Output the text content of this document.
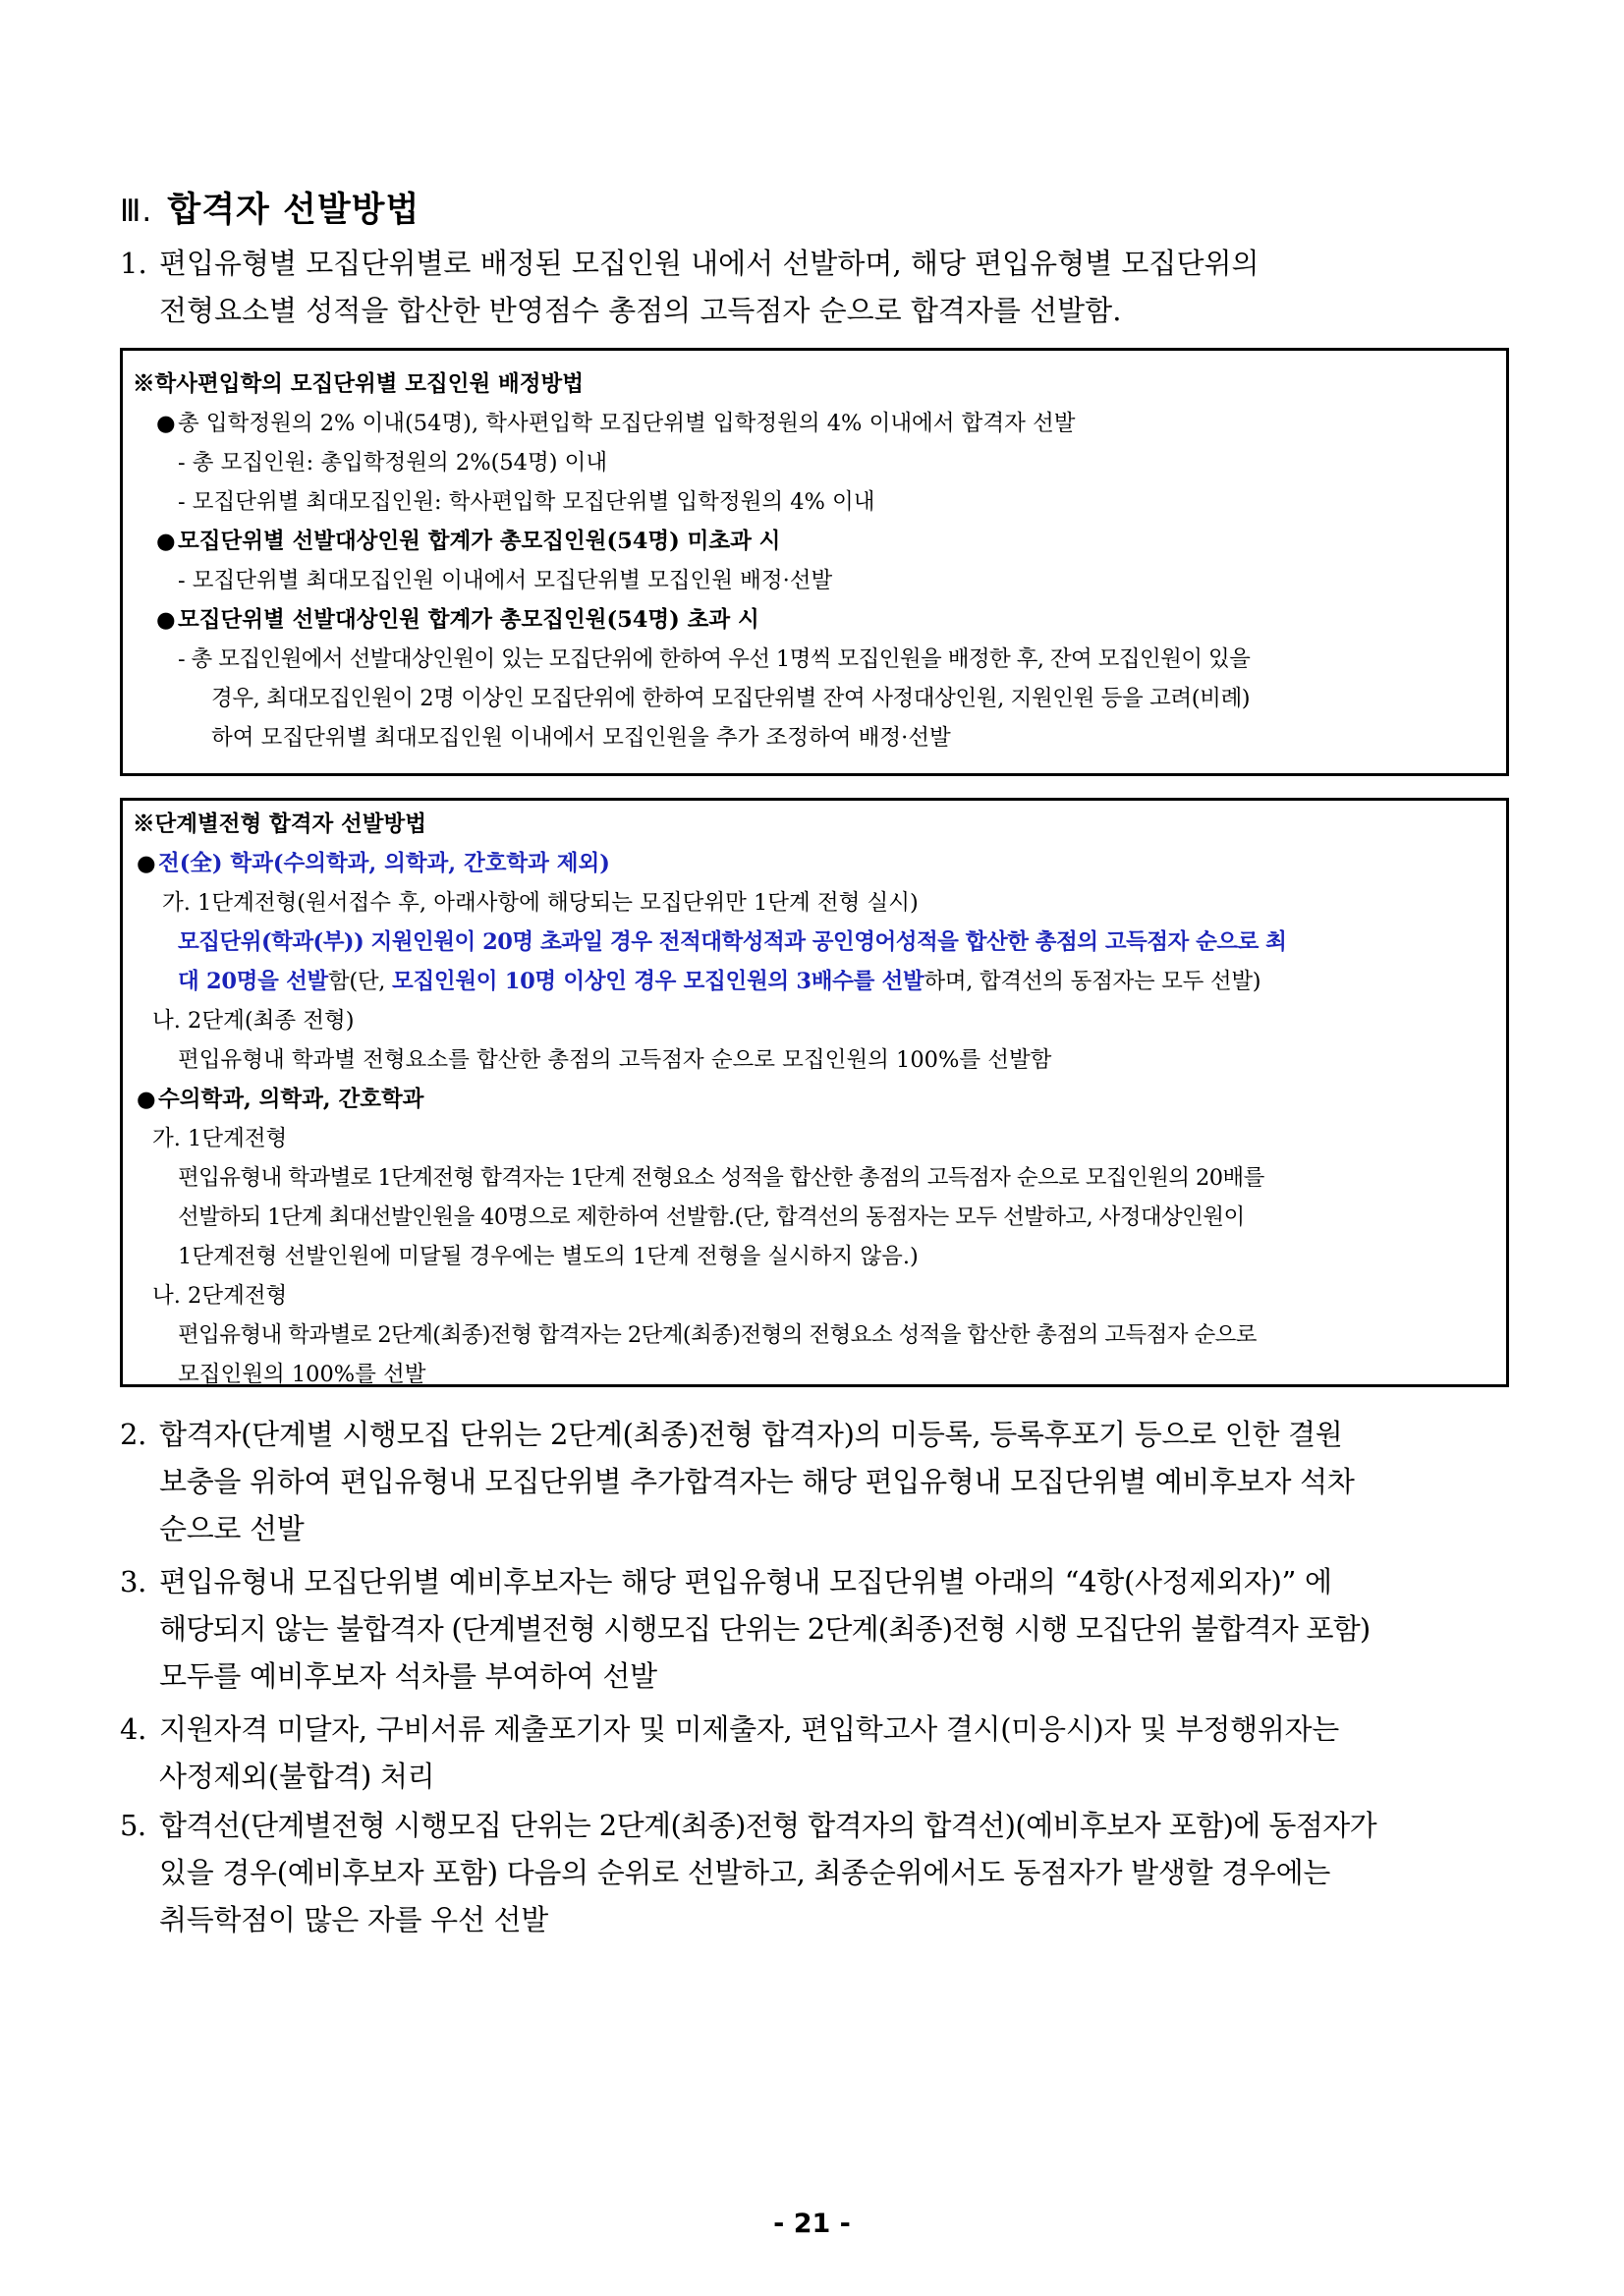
Ⅲ. 합격자 선발방법
1. 편입유형별 모집단위별로 배정된 모집인원 내에서 선발하며, 해당 편입유형별 모집단위의
전형요소별 성적을 합산한 반영점수 총점의 고득점자 순으로 합격자를 선발함.
※학사편입학의 모집단위별 모집인원 배정방법
● 총 입학정원의 2% 이내(54명), 학사편입학 모집단위별 입학정원의 4% 이내에서 합격자 선발
- 총 모집인원: 총입학정원의 2%(54명) 이내
- 모집단위별 최대모집인원: 학사편입학 모집단위별 입학정원의 4% 이내
● 모집단위별 선발대상인원 합계가 총모집인원(54명) 미초과 시
- 모집단위별 최대모집인원 이내에서 모집단위별 모집인원 배정·선발
● 모집단위별 선발대상인원 합계가 총모집인원(54명) 초과 시
- 총 모집인원에서 선발대상인원이 있는 모집단위에 한하여 우선 1명씩 모집인원을 배정한 후, 잔여 모집인원이 있을
경우, 최대모집인원이 2명 이상인 모집단위에 한하여 모집단위별 잔여 사정대상인원, 지원인원 등을 고려(비례)
하여 모집단위별 최대모집인원 이내에서 모집인원을 추가 조정하여 배정·선발
※단계별전형 합격자 선발방법
● 전(全) 학과(수의학과, 의학과, 간호학과 제외)
가. 1단계전형(원서접수 후, 아래사항에 해당되는 모집단위만 1단계 전형 실시)
모집단위(학과(부)) 지원인원이 20명 초과일 경우 전적대학성적과 공인영어성적을 합산한 총점의 고득점자 순으로 최
대 20명을 선발함(단, 모집인원이 10명 이상인 경우 모집인원의 3배수를 선발하며, 합격선의 동점자는 모두 선발)
나. 2단계(최종 전형)
편입유형내 학과별 전형요소를 합산한 총점의 고득점자 순으로 모집인원의 100%를 선발함
● 수의학과, 의학과, 간호학과
가. 1단계전형
편입유형내 학과별로 1단계전형 합격자는 1단계 전형요소 성적을 합산한 총점의 고득점자 순으로 모집인원의 20배를
선발하되 1단계 최대선발인원을 40명으로 제한하여 선발함.(단, 합격선의 동점자는 모두 선발하고, 사정대상인원이
1단계전형 선발인원에 미달될 경우에는 별도의 1단계 전형을 실시하지 않음.)
나. 2단계전형
편입유형내 학과별로 2단계(최종)전형 합격자는 2단계(최종)전형의 전형요소 성적을 합산한 총점의 고득점자 순으로
모집인원의 100%를 선발
2. 합격자(단계별 시행모집 단위는 2단계(최종)전형 합격자)의 미등록, 등록후포기 등으로 인한 결원
보충을 위하여 편입유형내 모집단위별 추가합격자는 해당 편입유형내 모집단위별 예비후보자 석차
순으로 선발
3. 편입유형내 모집단위별 예비후보자는 해당 편입유형내 모집단위별 아래의 “4항(사정제외자)” 에
해당되지 않는 불합격자 (단계별전형 시행모집 단위는 2단계(최종)전형 시행 모집단위 불합격자 포함)
모두를 예비후보자 석차를 부여하여 선발
4. 지원자격 미달자, 구비서류 제출포기자 및 미제출자, 편입학고사 결시(미응시)자 및 부정행위자는
사정제외(불합격) 처리
5. 합격선(단계별전형 시행모집 단위는 2단계(최종)전형 합격자의 합격선)(예비후보자 포함)에 동점자가
있을 경우(예비후보자 포함) 다음의 순위로 선발하고, 최종순위에서도 동점자가 발생할 경우에는
취득학점이 많은 자를 우선 선발
- 21 -
